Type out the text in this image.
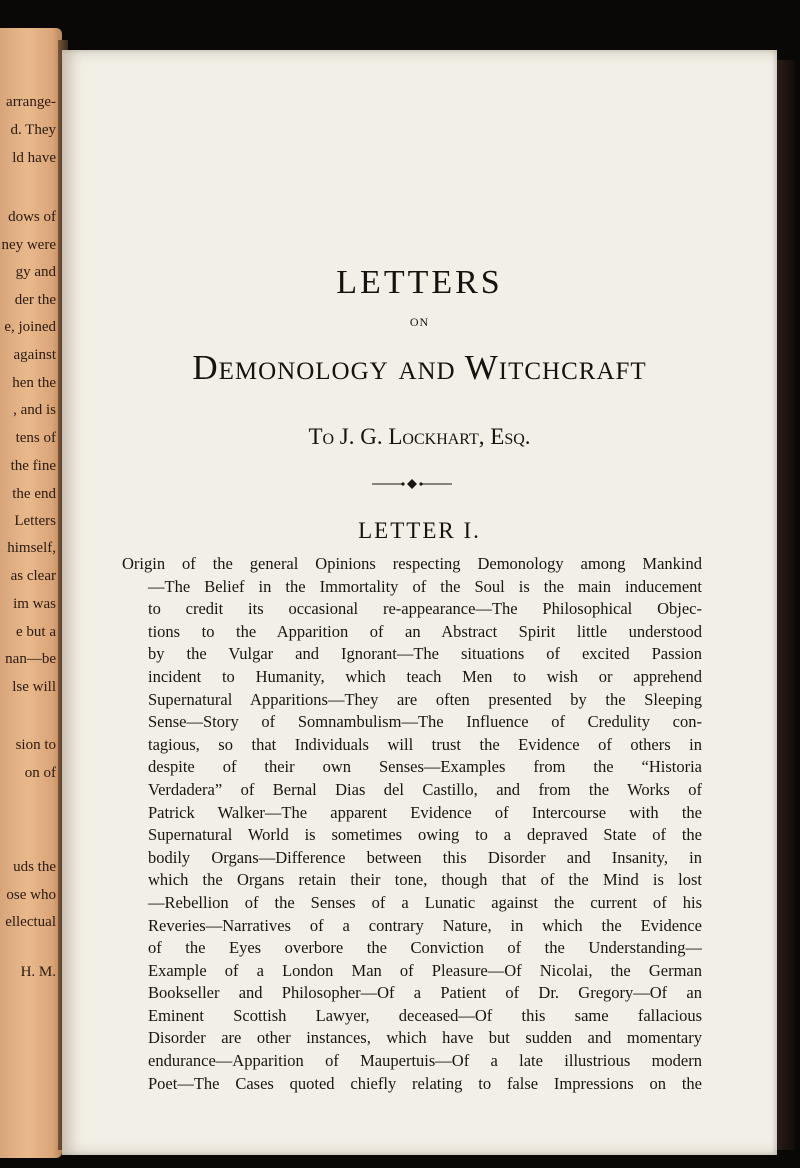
arrange-
d. They
ld have
dows of
ney were
gy and
der the
e, joined
against
hen the
, and is
tens of
the fine
the end
Letters
himself,
as clear
im was
e but a
nan—be
lse will
sion to
on of
uds the
ose who
ellectual
H. M.
LETTERS
ON
Demonology and Witchcraft
To J. G. Lockhart, Esq.
LETTER I.
Origin of the general Opinions respecting Demonology among Mankind
—The Belief in the Immortality of the Soul is the main inducement
to credit its occasional re-appearance—The Philosophical Objec-
tions to the Apparition of an Abstract Spirit little understood
by the Vulgar and Ignorant—The situations of excited Passion
incident to Humanity, which teach Men to wish or apprehend
Supernatural Apparitions—They are often presented by the Sleeping
Sense—Story of Somnambulism—The Influence of Credulity con-
tagious, so that Individuals will trust the Evidence of others in
despite of their own Senses—Examples from the “Historia
Verdadera” of Bernal Dias del Castillo, and from the Works of
Patrick Walker—The apparent Evidence of Intercourse with the
Supernatural World is sometimes owing to a depraved State of the
bodily Organs—Difference between this Disorder and Insanity, in
which the Organs retain their tone, though that of the Mind is lost
—Rebellion of the Senses of a Lunatic against the current of his
Reveries—Narratives of a contrary Nature, in which the Evidence
of the Eyes overbore the Conviction of the Understanding—
Example of a London Man of Pleasure—Of Nicolai, the German
Bookseller and Philosopher—Of a Patient of Dr. Gregory—Of an
Eminent Scottish Lawyer, deceased—Of this same fallacious
Disorder are other instances, which have but sudden and momentary
endurance—Apparition of Maupertuis—Of a late illustrious modern
Poet—The Cases quoted chiefly relating to false Impressions on the
